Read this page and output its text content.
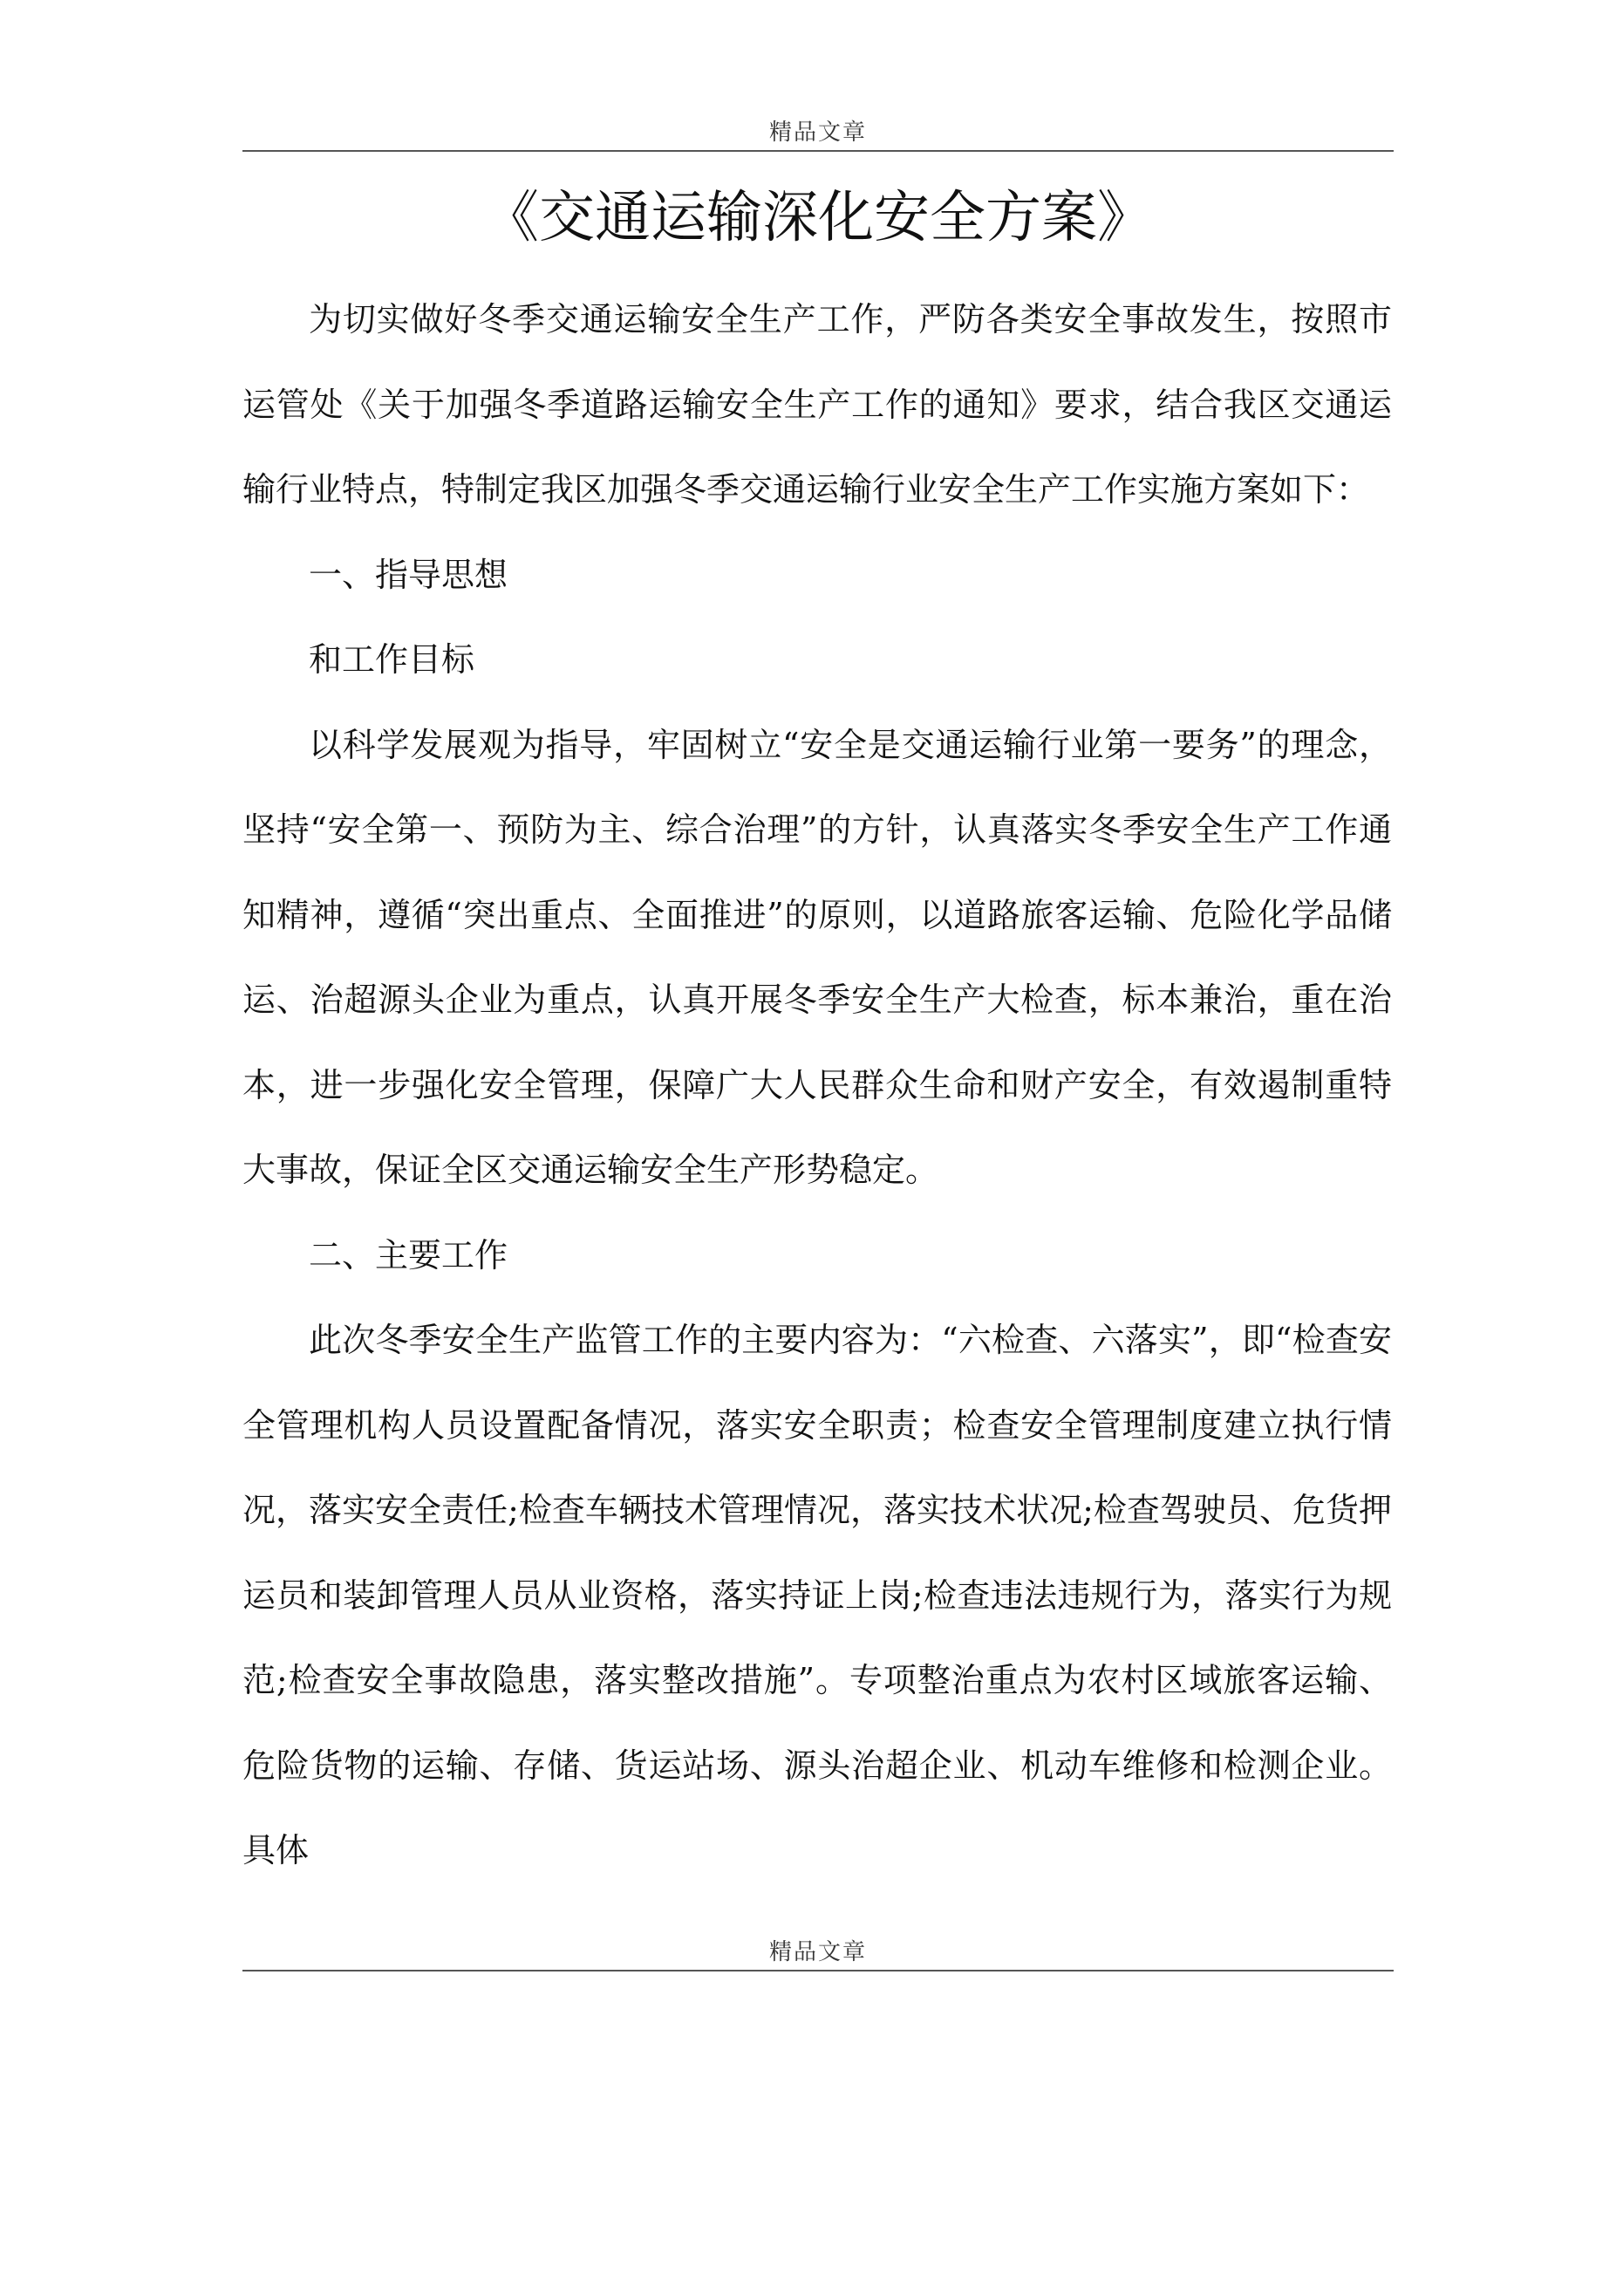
精品文章
《交通运输深化安全方案》

为切实做好冬季交通运输安全生产工作，严防各类安全事故发生，按照市运管处《关于加强冬季道路运输安全生产工作的通知》要求，结合我区交通运输行业特点，特制定我区加强冬季交通运输行业安全生产工作实施方案如下：

一、指导思想

和工作目标

以科学发展观为指导，牢固树立“安全是交通运输行业第一要务”的理念，坚持“安全第一、预防为主、综合治理”的方针，认真落实冬季安全生产工作通知精神，遵循“突出重点、全面推进”的原则，以道路旅客运输、危险化学品储运、治超源头企业为重点，认真开展冬季安全生产大检查，标本兼治，重在治本，进一步强化安全管理，保障广大人民群众生命和财产安全，有效遏制重特大事故，保证全区交通运输安全生产形势稳定。

二、主要工作

此次冬季安全生产监管工作的主要内容为：“六检查、六落实”，即“检查安全管理机构人员设置配备情况，落实安全职责；检查安全管理制度建立执行情况，落实安全责任;检查车辆技术管理情况，落实技术状况;检查驾驶员、危货押运员和装卸管理人员从业资格，落实持证上岗;检查违法违规行为，落实行为规范;检查安全事故隐患，落实整改措施”。专项整治重点为农村区域旅客运输、危险货物的运输、存储、货运站场、源头治超企业、机动车维修和检测企业。具体

精品文章
